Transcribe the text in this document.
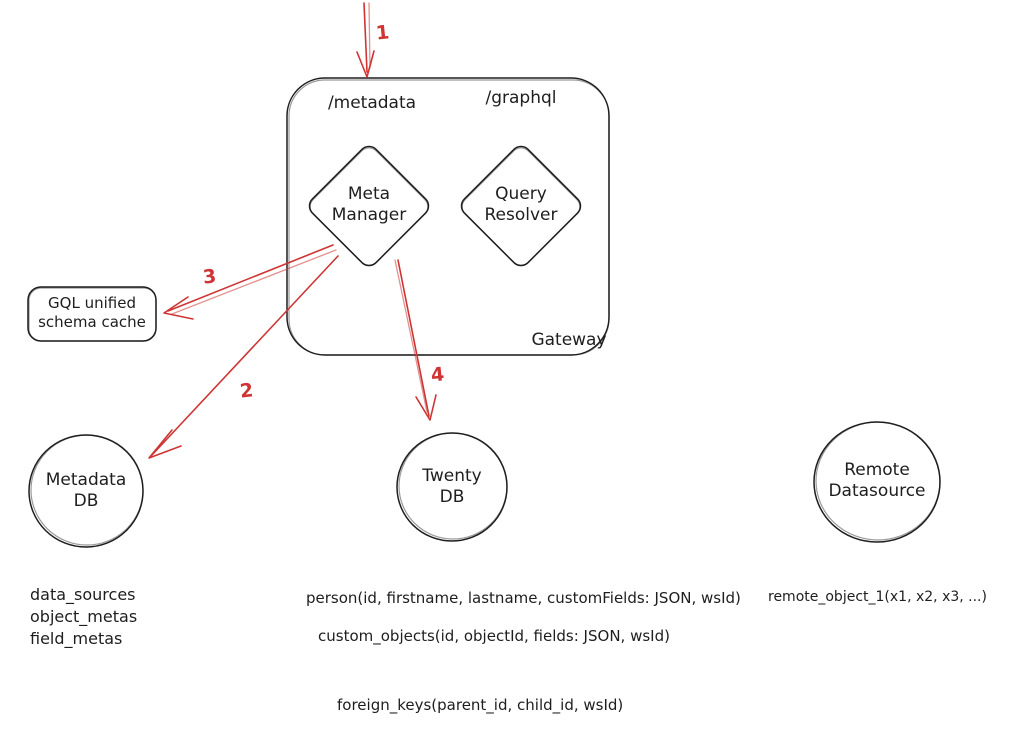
/metadata	/graphql
Meta
Manager
Query
Resolver
Gateway
GQL unified
schema cache
Metadata
DB
Twenty
DB
Remote
Datasource
1
2
3
4
data_sources
object_metas
field_metas
person(id, firstname, lastname, customFields: JSON, wsId)
custom_objects(id, objectId, fields: JSON, wsId)
foreign_keys(parent_id, child_id, wsId)
remote_object_1(x1, x2, x3, ...)
